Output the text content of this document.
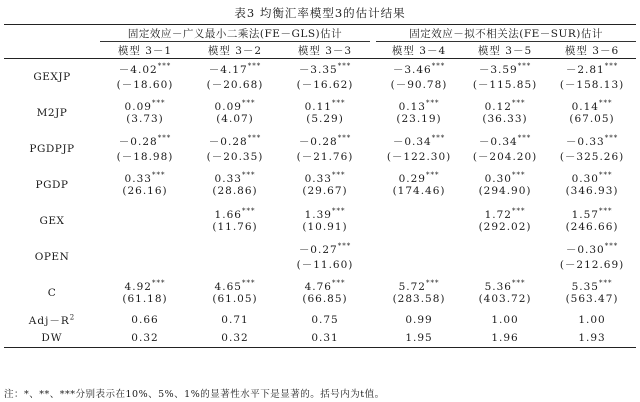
表3 均衡汇率模型3的估计结果
	固定效应－广义最小二乘法(FE－GLS)估计				固定效应－拟不相关法(FE－SUR)估计		
	模型 3－1	模型 3－2	模型 3－3		模型 3－4	模型 3－5	模型 3－6
GEXJP	－4.02***	－4.17***	－3.35***		－3.46***	－3.59***	－2.81***
	(－18.60)	(－20.68)	(－16.62)		(－90.78)	(－115.85)	(－158.13)
M2JP	0.09***	0.09***	0.11***		0.13***	0.12***	0.14***
	(3.73)	(4.07)	(5.29)		(23.19)	(36.33)	(67.05)
PGDPJP	－0.28***	－0.28***	－0.28***		－0.34***	－0.34***	－0.33***
	(－18.98)	(－20.35)	(－21.76)		(－122.30)	(－204.20)	(－325.26)
PGDP	0.33***	0.33***	0.33***		0.29***	0.30***	0.30***
	(26.16)	(28.86)	(29.67)		(174.46)	(294.90)	(346.93)
GEX		1.66***	1.39***			1.72***	1.57***
		(11.76)	(10.91)			(292.02)	(246.66)
OPEN			－0.27***				－0.30***
			(－11.60)				(－212.69)
C	4.92***	4.65***	4.76***		5.72***	5.36***	5.35***
	(61.18)	(61.05)	(66.85)		(283.58)	(403.72)	(563.47)
$Adj-R^2$	0.66	0.71	0.75		0.99	1.00	1.00
DW	0.32	0.32	0.31		1.95	1.96	1.93
注：*、**、***分别表示在10%、5%、1%的显著性水平下是显著的。括号内为t值。
